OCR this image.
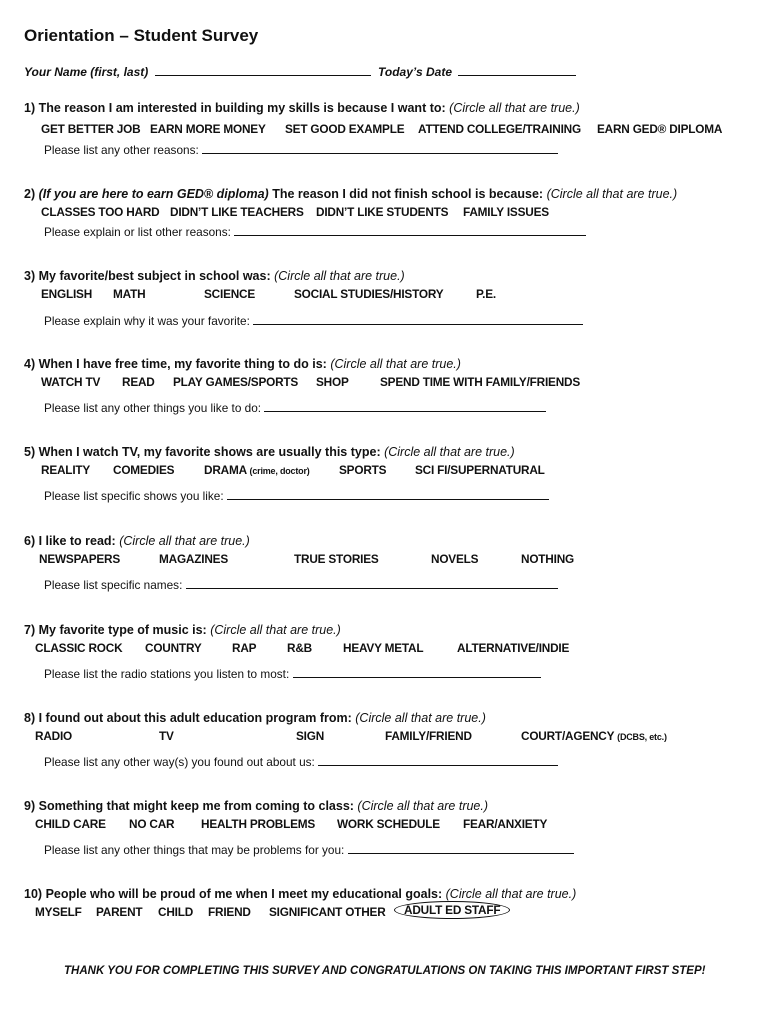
Orientation – Student Survey
Your Name (first, last)	Today’s Date
1) The reason I am interested in building my skills is because I want to: (Circle all that are true.)
GET BETTER JOB EARN MORE MONEY SET GOOD EXAMPLE ATTEND COLLEGE/TRAINING EARN GED® DIPLOMA
Please list any other reasons:
2) (If you are here to earn GED® diploma) The reason I did not finish school is because: (Circle all that are true.)
CLASSES TOO HARD DIDN’T LIKE TEACHERS DIDN’T LIKE STUDENTS FAMILY ISSUES
Please explain or list other reasons:
3) My favorite/best subject in school was: (Circle all that are true.)
ENGLISH MATH	SCIENCE	SOCIAL STUDIES/HISTORY	P.E.
Please explain why it was your favorite:
4) When I have free time, my favorite thing to do is: (Circle all that are true.)
WATCH TV READ PLAY GAMES/SPORTS SHOP	SPEND TIME WITH FAMILY/FRIENDS
Please list any other things you like to do:
5) When I watch TV, my favorite shows are usually this type: (Circle all that are true.)
REALITY COMEDIES	DRAMA (crime, doctor) SPORTS SCI FI/SUPERNATURAL
Please list specific shows you like:
6) I like to read: (Circle all that are true.)
NEWSPAPERS	MAGAZINES	TRUE STORIES	NOVELS	NOTHING
Please list specific names:
7) My favorite type of music is: (Circle all that are true.)
CLASSIC ROCK COUNTRY	RAP	R&B	HEAVY METAL	ALTERNATIVE/INDIE
Please list the radio stations you listen to most:
8) I found out about this adult education program from: (Circle all that are true.)
RADIO	TV	SIGN	FAMILY/FRIEND	COURT/AGENCY (DCBS, etc.)
Please list any other way(s) you found out about us:
9) Something that might keep me from coming to class: (Circle all that are true.)
CHILD CARE NO CAR HEALTH PROBLEMS WORK SCHEDULE FEAR/ANXIETY
Please list any other things that may be problems for you:
10) People who will be proud of me when I meet my educational goals: (Circle all that are true.)
MYSELF PARENT CHILD FRIEND SIGNIFICANT OTHER ADULT ED STAFF
THANK YOU FOR COMPLETING THIS SURVEY AND CONGRATULATIONS ON TAKING THIS IMPORTANT FIRST STEP!
